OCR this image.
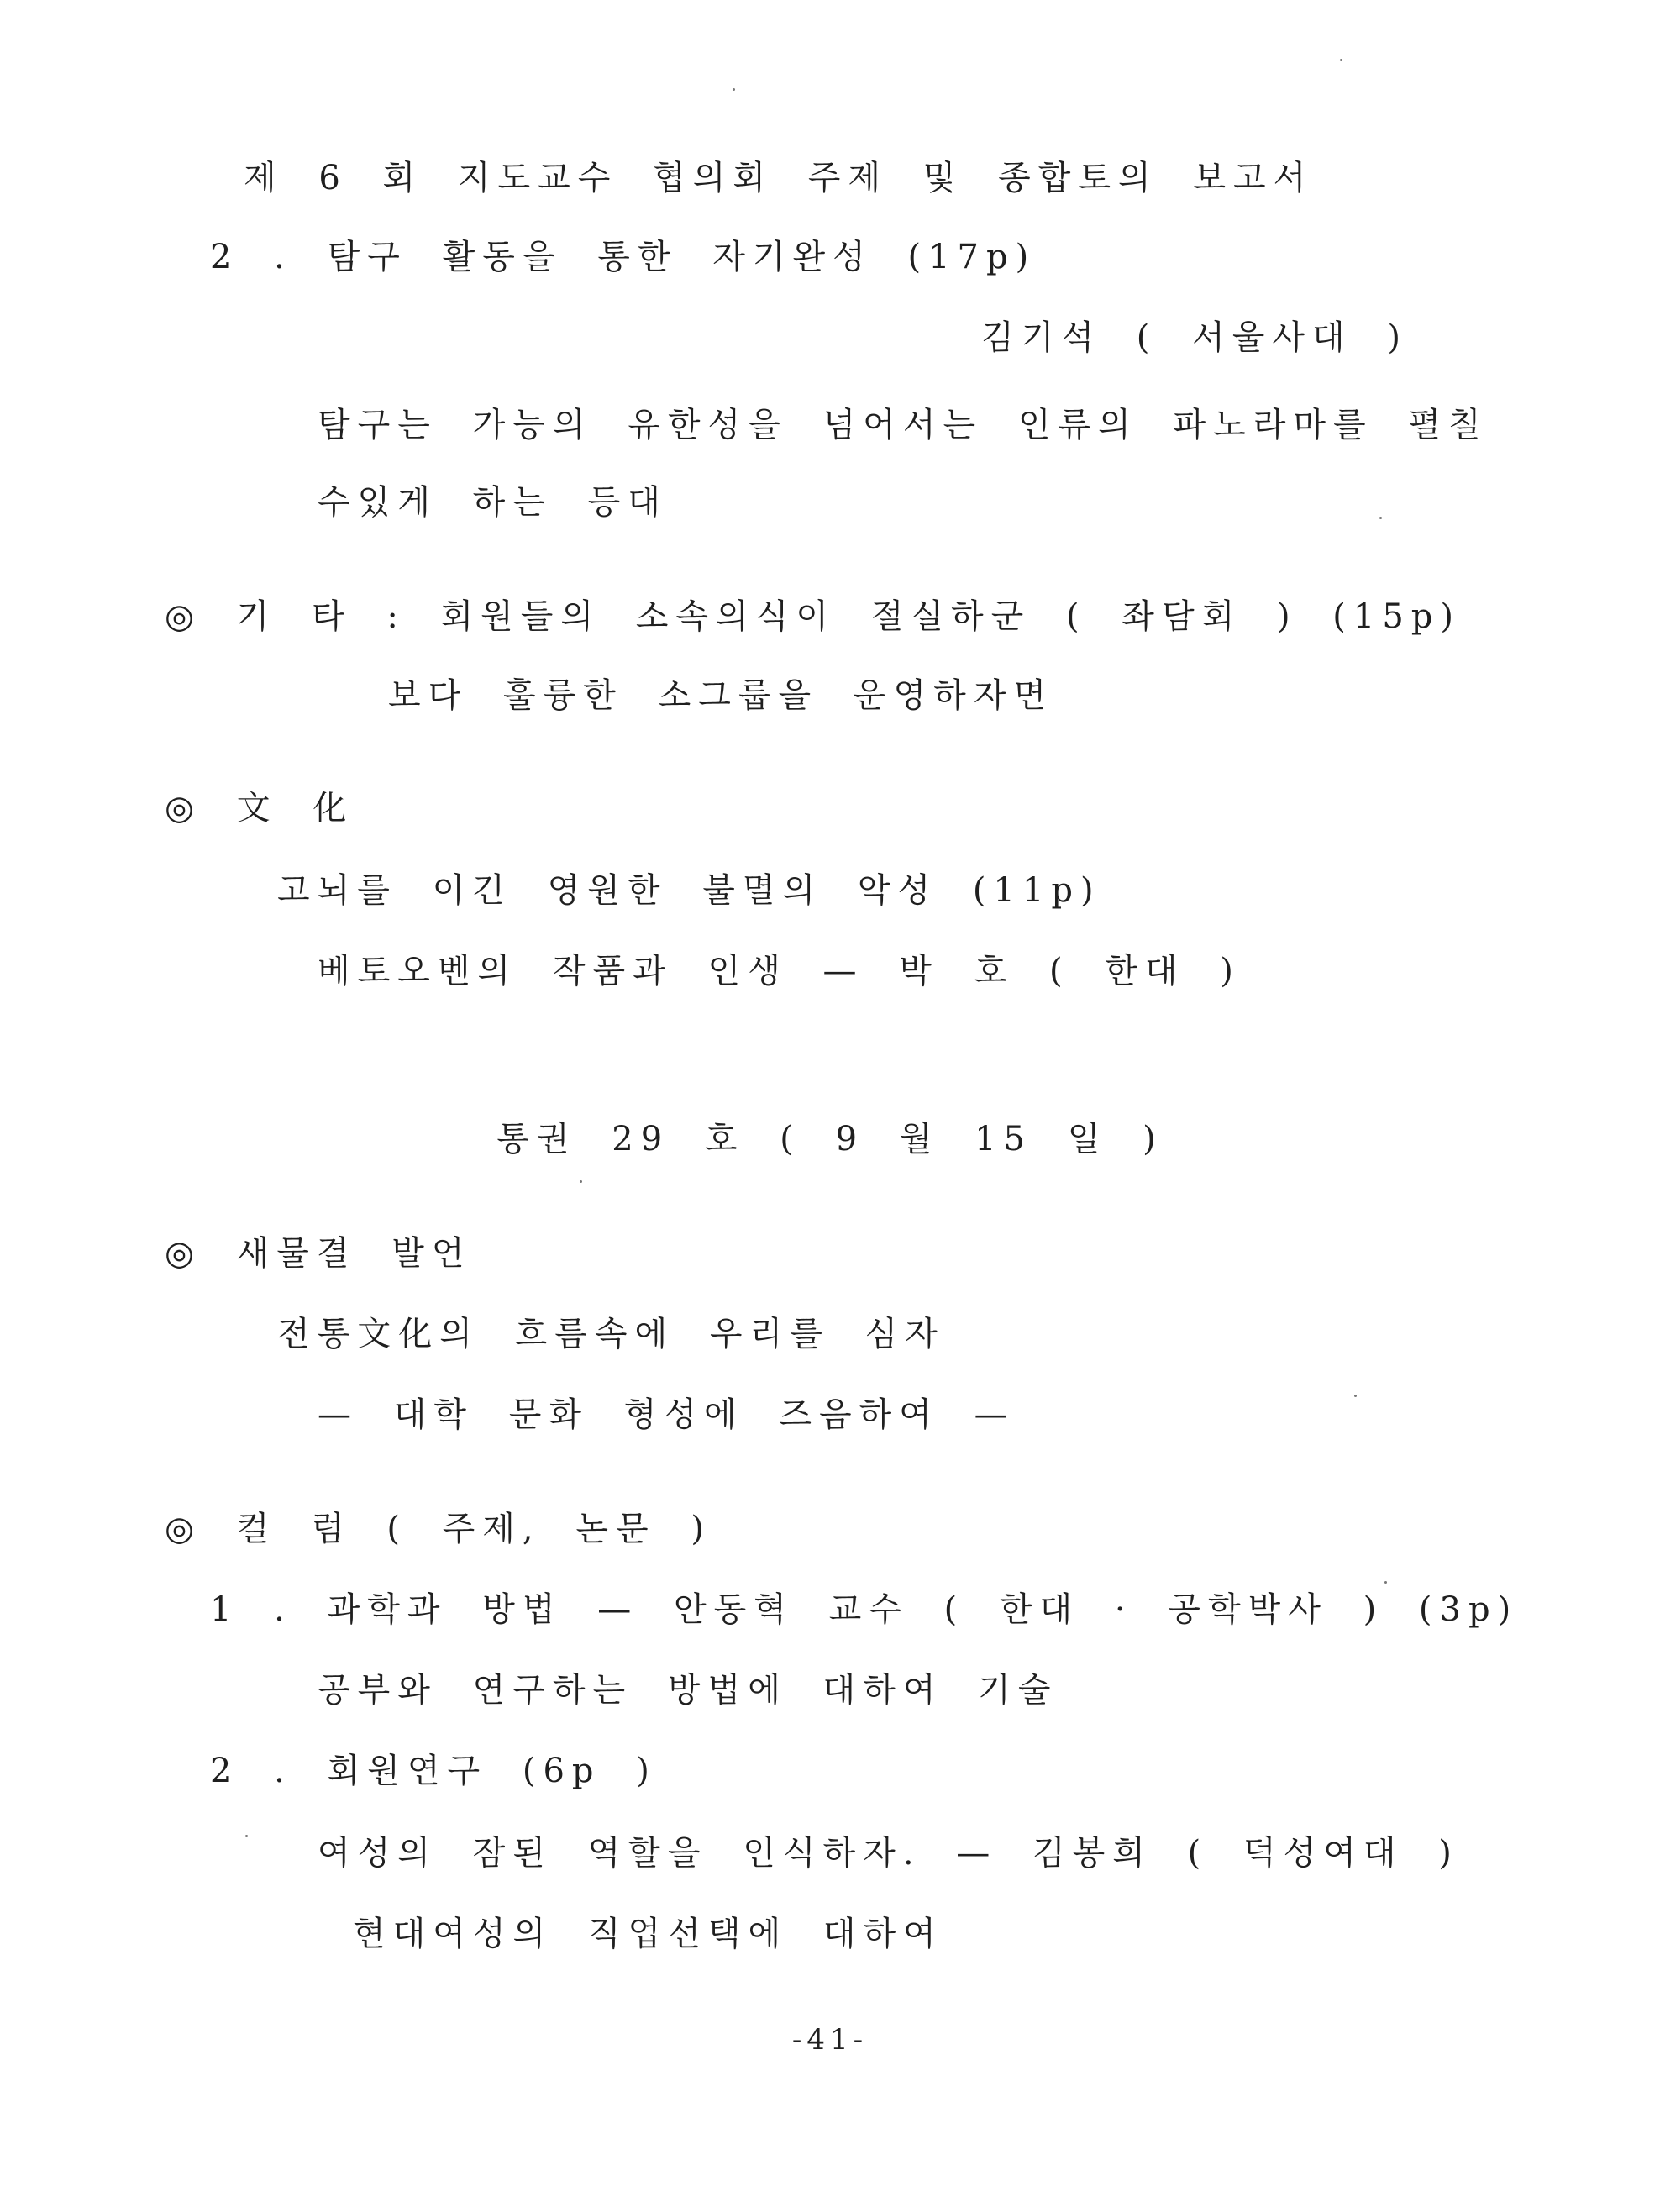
제 6 회 지도교수 협의회 주제 및 종합토의 보고서
2 . 탐구 활동을 통한 자기완성 (17p)
김기석 ( 서울사대 )
탐구는 가능의 유한성을 넘어서는 인류의 파노라마를 펼칠
수있게 하는 등대
◎ 기 타 : 회원들의 소속의식이 절실하군 ( 좌담회 ) (15p)
보다 훌륭한 소그룹을 운영하자면
◎ 文 化
고뇌를 이긴 영원한 불멸의 악성 (11p)
베토오벤의 작품과 인생 — 박 호 ( 한대 )
통권 29 호 ( 9 월 15 일 )
◎ 새물결 발언
전통文化의 흐름속에 우리를 심자
— 대학 문화 형성에 즈음하여 —
◎ 컬 럼 ( 주제, 논문 )
1 . 과학과 방법 — 안동혁 교수 ( 한대 · 공학박사 ) (3p)
공부와 연구하는 방법에 대하여 기술
2 . 회원연구 (6p )
여성의 잠된 역할을 인식하자. — 김봉희 ( 덕성여대 )
현대여성의 직업선택에 대하여
-41-
